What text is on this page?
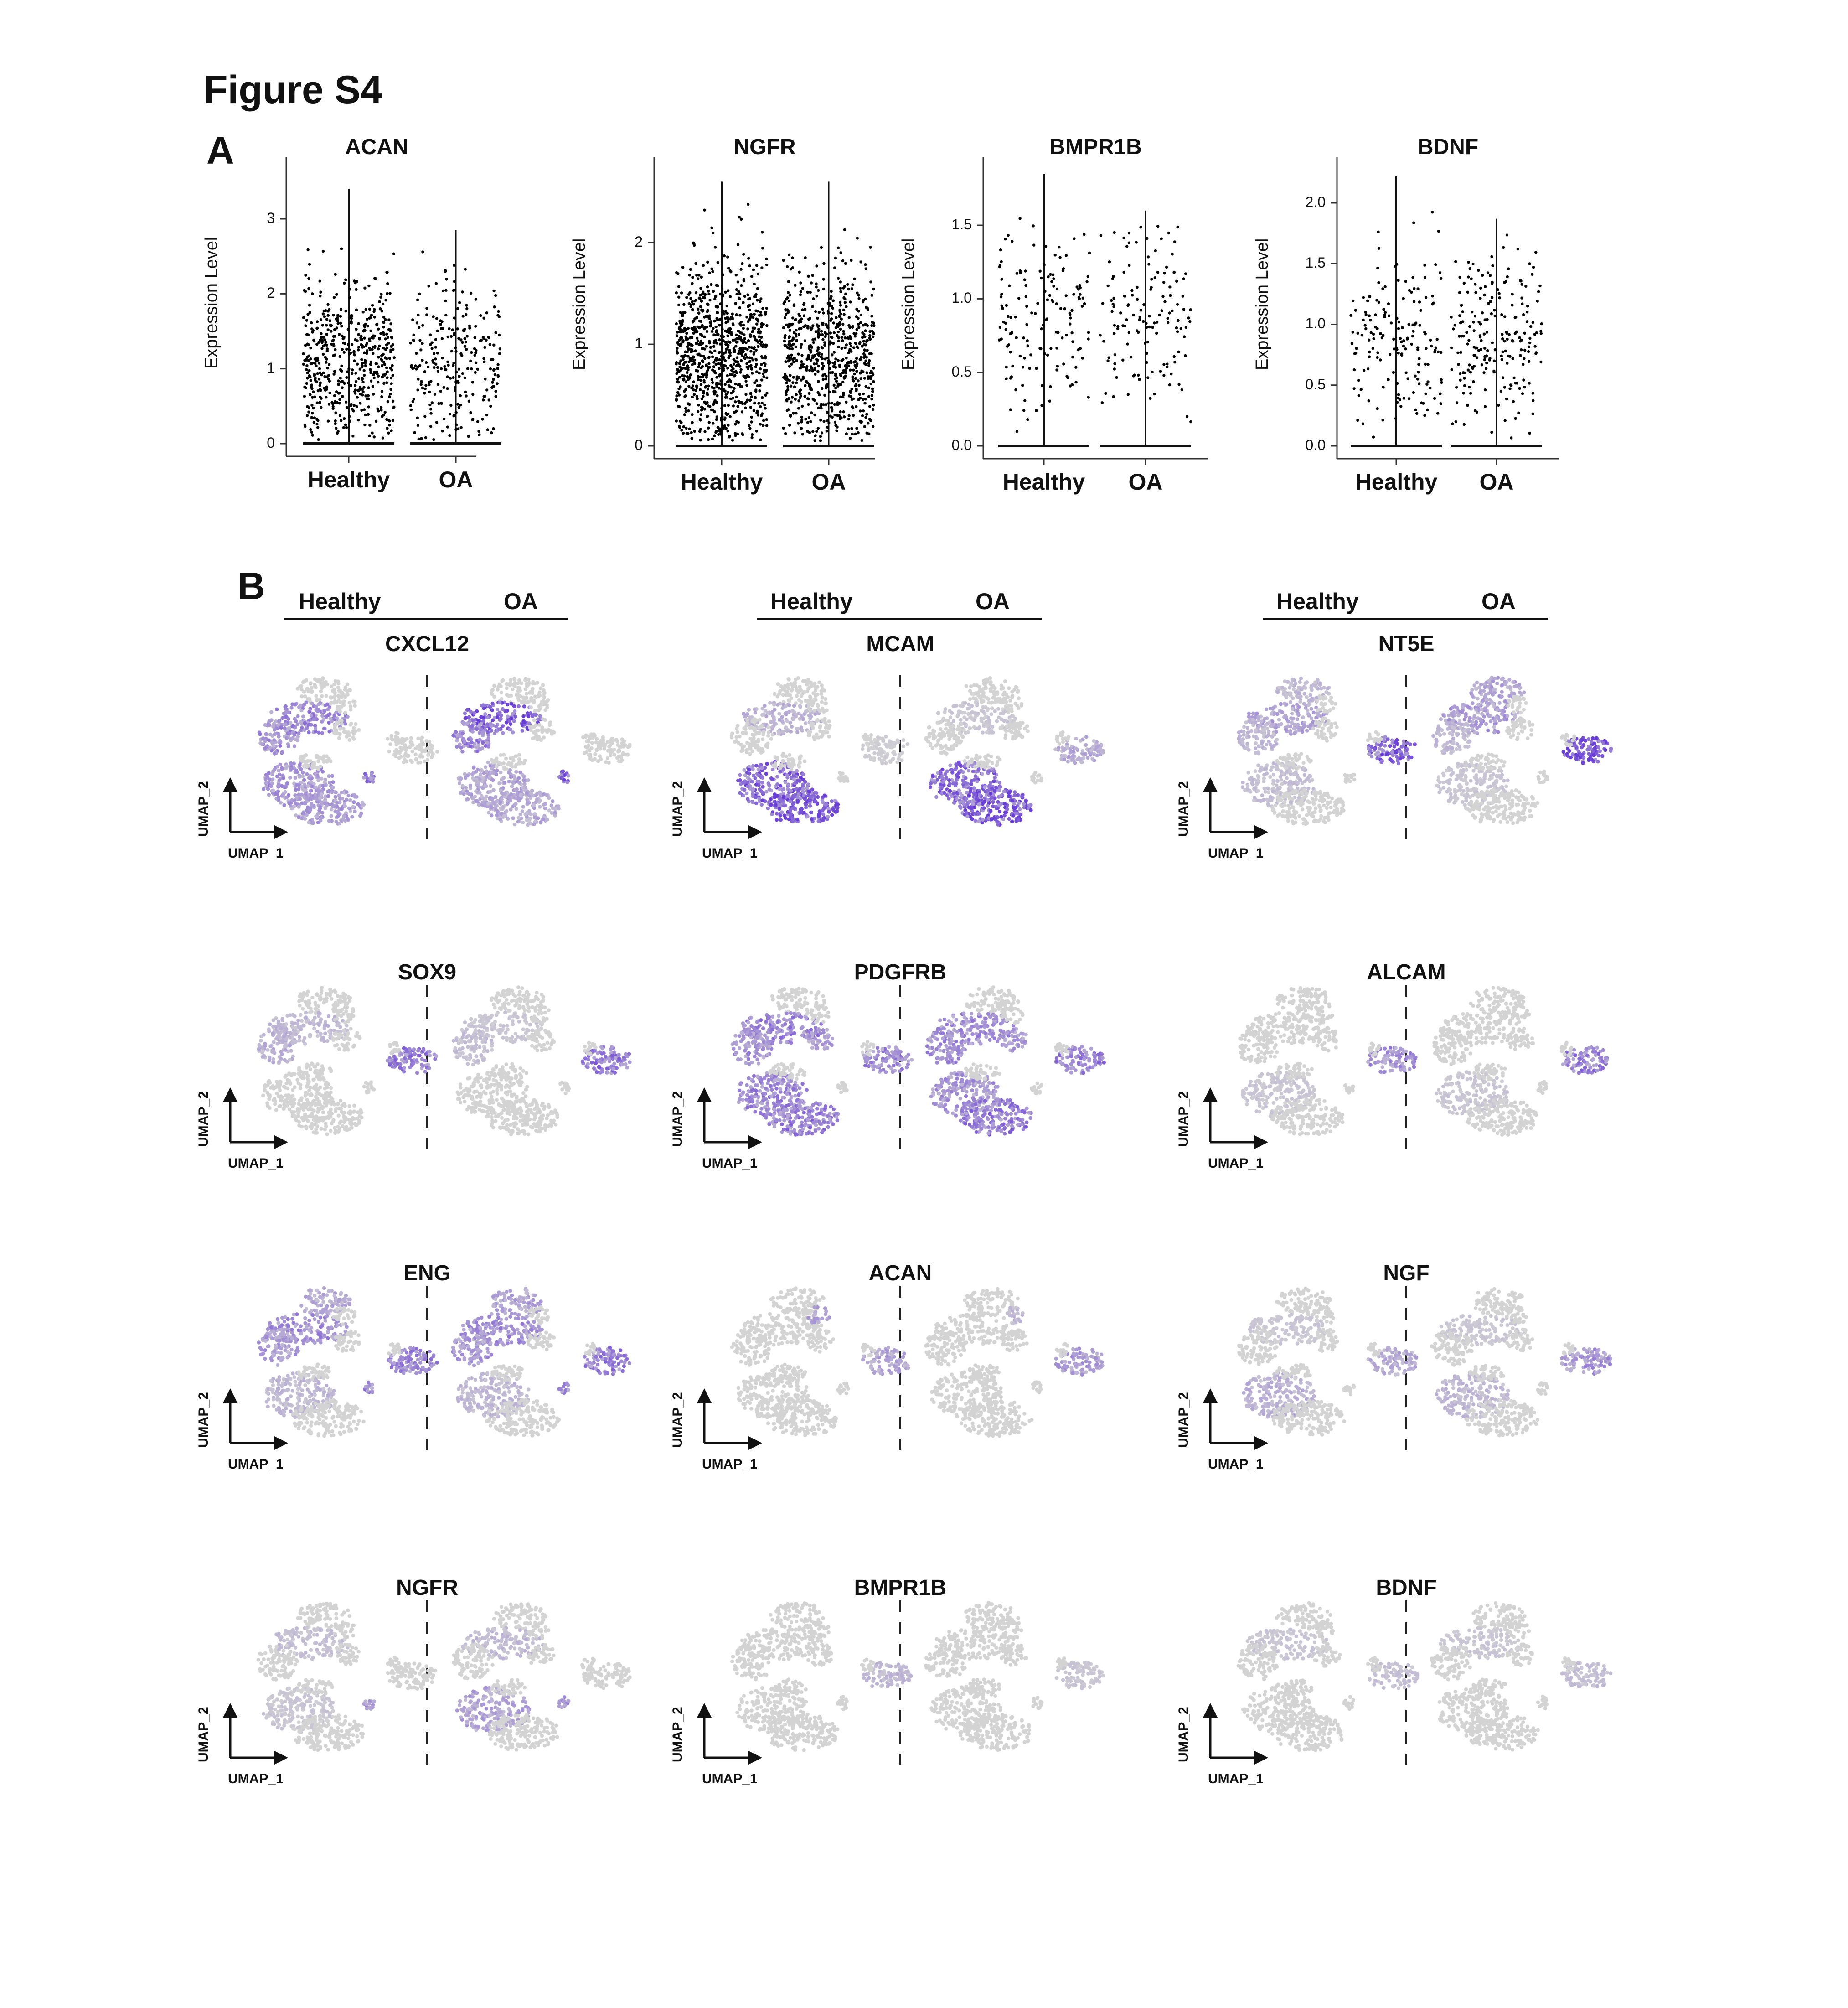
Figure S4
A
B
0
1
2
3
Healthy	OA
ACAN
Expression Level
0
1
2
Healthy	OA
NGFR
Expression Level
0.0
0.5
1.0
1.5
Healthy	OA
BMPR1B
Expression Level
0.0
0.5
1.0
1.5
2.0
Healthy	OA
BDNF
Expression Level
Healthy	OA	Healthy	OA	Healthy	OA
CXCL12
UMAP_1
UMAP_2
MCAM
UMAP_1
UMAP_2
NT5E
UMAP_1
UMAP_2
SOX9
UMAP_1
UMAP_2
PDGFRB
UMAP_1
UMAP_2
ALCAM
UMAP_1
UMAP_2
ENG
UMAP_1
UMAP_2
ACAN
UMAP_1
UMAP_2
NGF
UMAP_1
UMAP_2
NGFR
UMAP_1
UMAP_2
BMPR1B
UMAP_1
UMAP_2
BDNF
UMAP_1
UMAP_2
